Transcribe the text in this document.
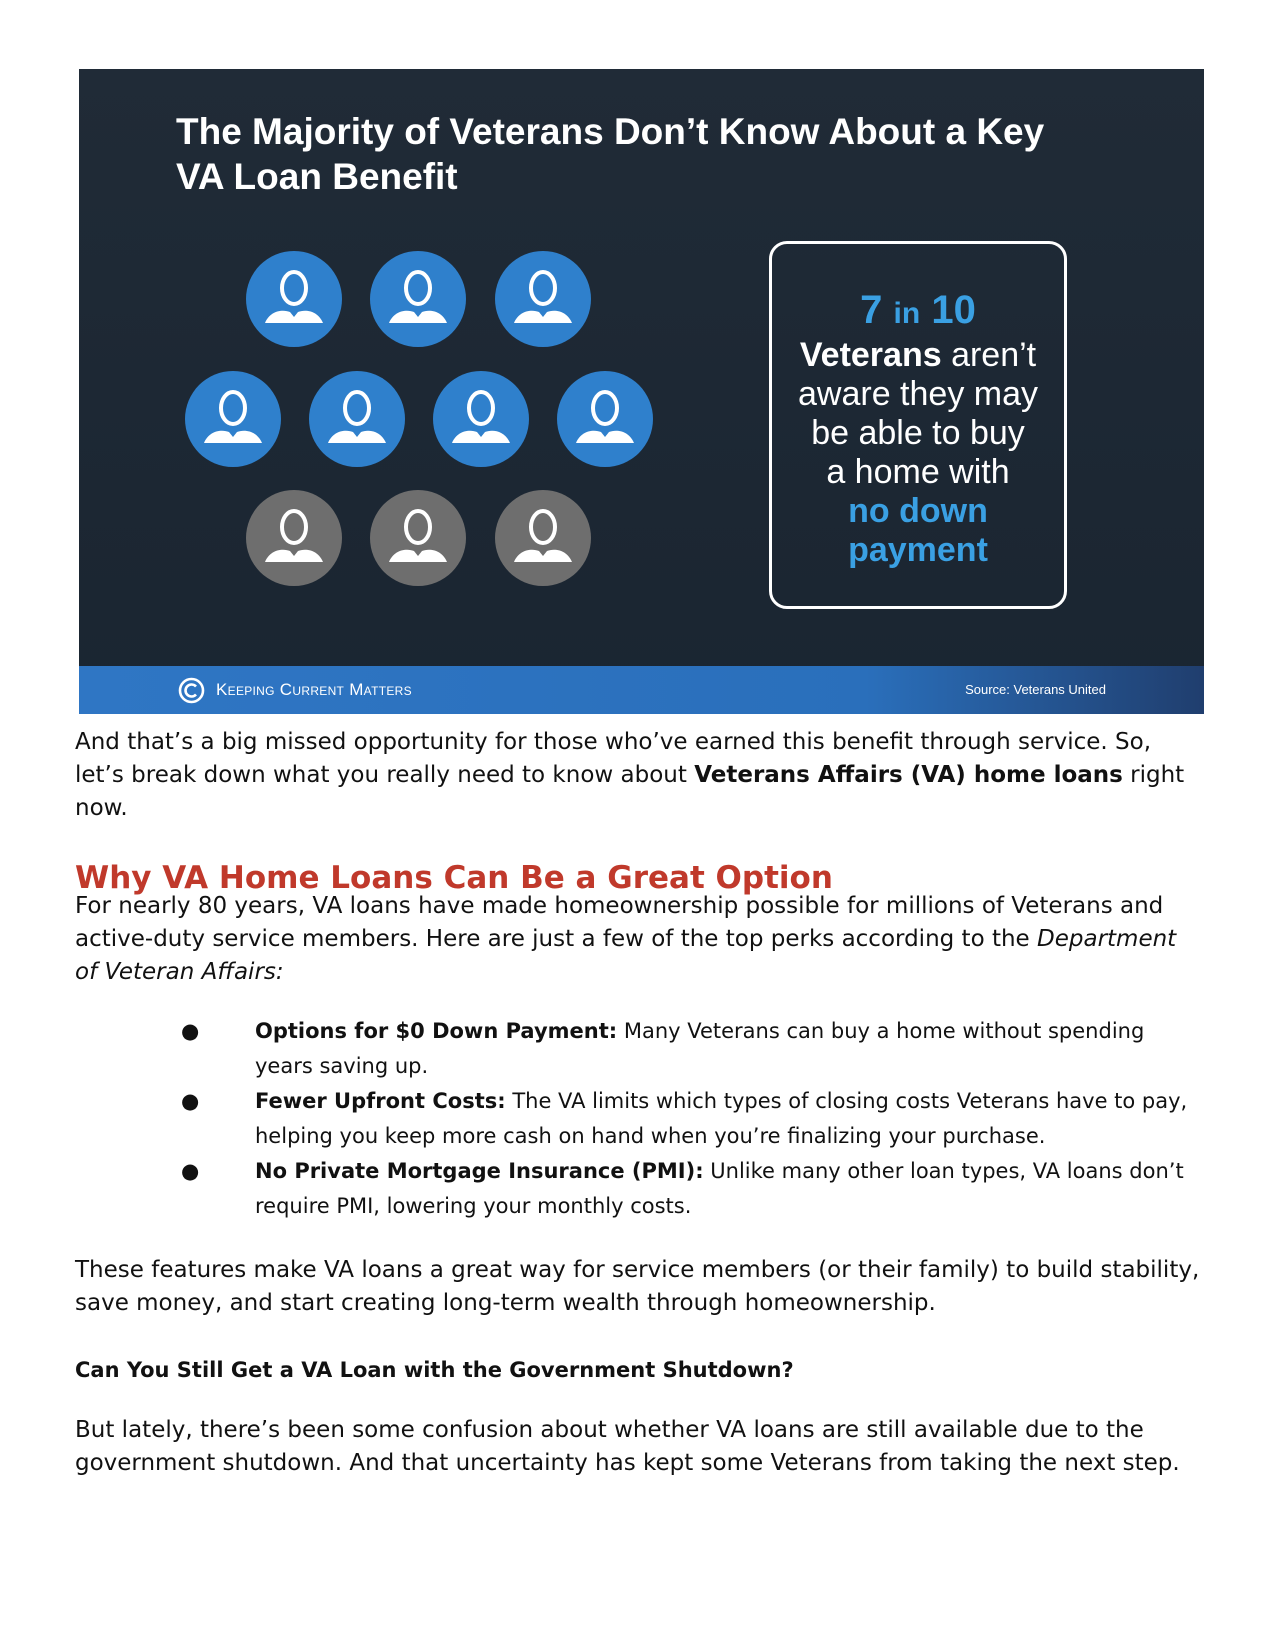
The Majority of Veterans Don’t Know About a Key
VA Loan Benefit
7 in 10
Veterans aren’t
aware they may
be able to buy
a home with
no down
payment
Keeping Current Matters	Source: Veterans United

And that’s a big missed opportunity for those who’ve earned this benefit through service. So, let’s break down what you really need to know about Veterans Affairs (VA) home loans right now.

Why VA Home Loans Can Be a Great Option

For nearly 80 years, VA loans have made homeownership possible for millions of Veterans and active-duty service members. Here are just a few of the top perks according to the Department of Veteran Affairs:

●	Options for $0 Down Payment: Many Veterans can buy a home without spending years saving up.
●	Fewer Upfront Costs: The VA limits which types of closing costs Veterans have to pay, helping you keep more cash on hand when you’re finalizing your purchase.
●	No Private Mortgage Insurance (PMI): Unlike many other loan types, VA loans don’t require PMI, lowering your monthly costs.

These features make VA loans a great way for service members (or their family) to build stability, save money, and start creating long-term wealth through homeownership.

Can You Still Get a VA Loan with the Government Shutdown?

But lately, there’s been some confusion about whether VA loans are still available due to the government shutdown. And that uncertainty has kept some Veterans from taking the next step.
